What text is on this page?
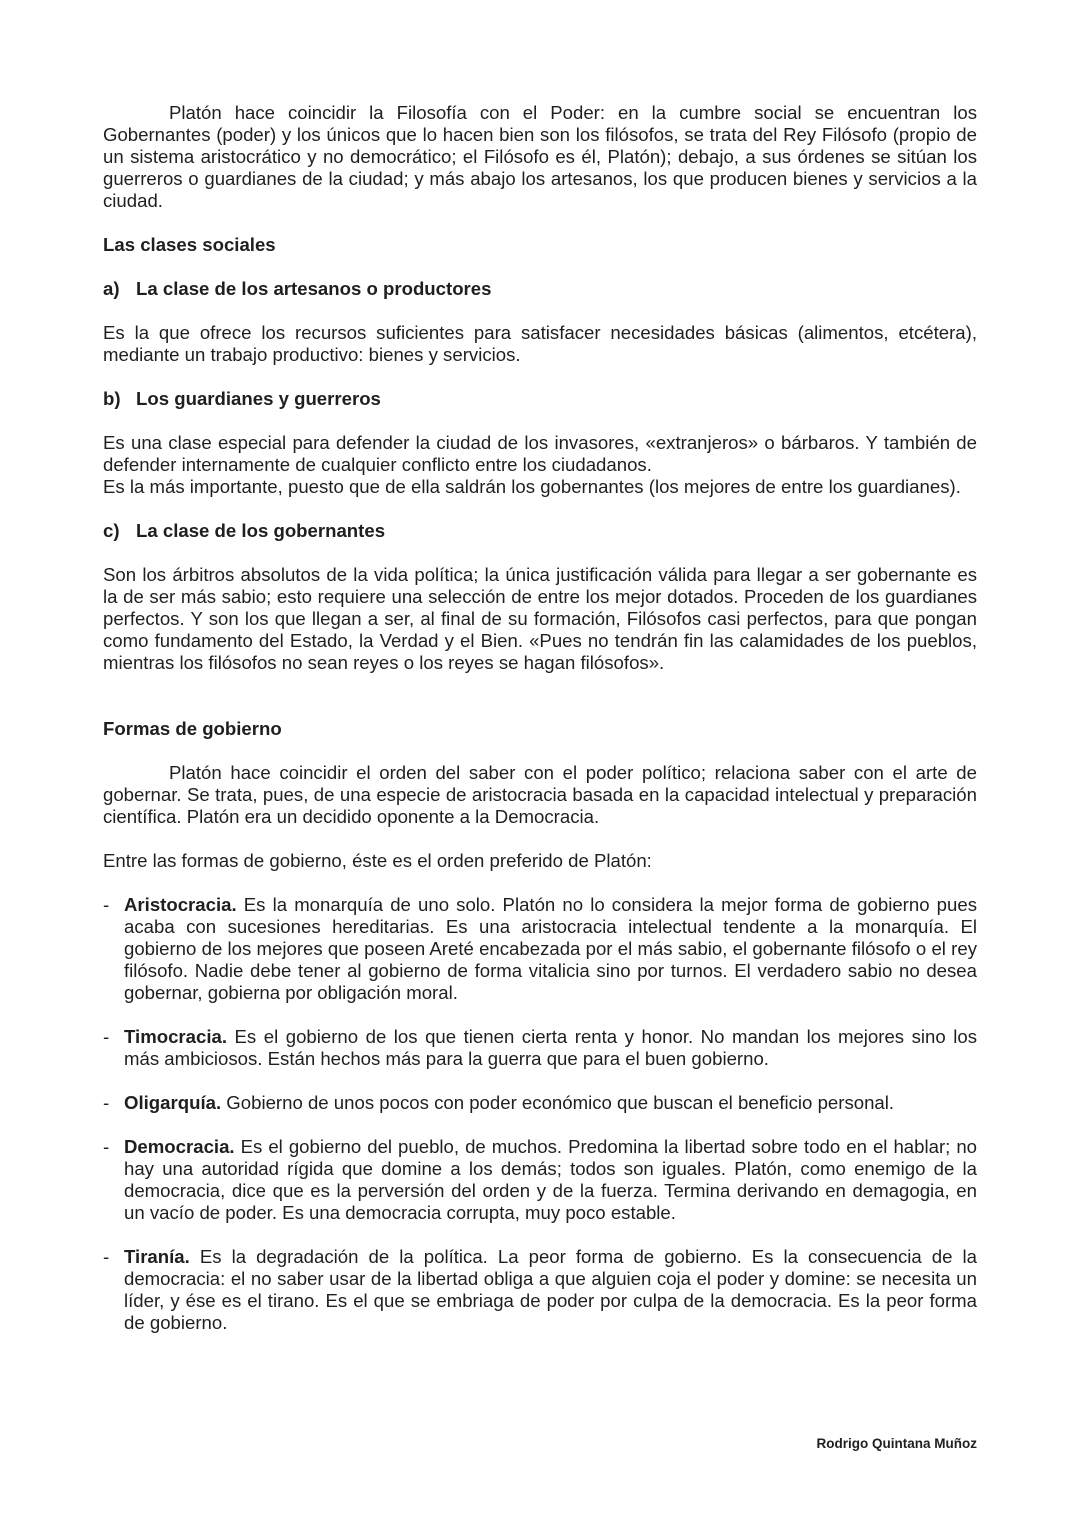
Platón hace coincidir la Filosofía con el Poder: en la cumbre social se encuentran los Gobernantes (poder) y los únicos que lo hacen bien son los filósofos, se trata del Rey Filósofo (propio de un sistema aristocrático y no democrático; el Filósofo es él, Platón); debajo, a sus órdenes se sitúan los guerreros o guardianes de la ciudad; y más abajo los artesanos, los que producen bienes y servicios a la ciudad.

Las clases sociales

a) La clase de los artesanos o productores

Es la que ofrece los recursos suficientes para satisfacer necesidades básicas (alimentos, etcétera), mediante un trabajo productivo: bienes y servicios.

b) Los guardianes y guerreros

Es una clase especial para defender la ciudad de los invasores, «extranjeros» o bárbaros. Y también de defender internamente de cualquier conflicto entre los ciudadanos.

Es la más importante, puesto que de ella saldrán los gobernantes (los mejores de entre los guardianes).

c) La clase de los gobernantes

Son los árbitros absolutos de la vida política; la única justificación válida para llegar a ser gobernante es la de ser más sabio; esto requiere una selección de entre los mejor dotados. Proceden de los guardianes perfectos. Y son los que llegan a ser, al final de su formación, Filósofos casi perfectos, para que pongan como fundamento del Estado, la Verdad y el Bien. «Pues no tendrán fin las calamidades de los pueblos, mientras los filósofos no sean reyes o los reyes se hagan filósofos».

Formas de gobierno

Platón hace coincidir el orden del saber con el poder político; relaciona saber con el arte de gobernar. Se trata, pues, de una especie de aristocracia basada en la capacidad intelectual y preparación científica. Platón era un decidido oponente a la Democracia.

Entre las formas de gobierno, éste es el orden preferido de Platón:

- Aristocracia. Es la monarquía de uno solo. Platón no lo considera la mejor forma de gobierno pues acaba con sucesiones hereditarias. Es una aristocracia intelectual tendente a la monarquía. El gobierno de los mejores que poseen Areté encabezada por el más sabio, el gobernante filósofo o el rey filósofo. Nadie debe tener al gobierno de forma vitalicia sino por turnos. El verdadero sabio no desea gobernar, gobierna por obligación moral.
- Timocracia. Es el gobierno de los que tienen cierta renta y honor. No mandan los mejores sino los más ambiciosos. Están hechos más para la guerra que para el buen gobierno.
- Oligarquía. Gobierno de unos pocos con poder económico que buscan el beneficio personal.
- Democracia. Es el gobierno del pueblo, de muchos. Predomina la libertad sobre todo en el hablar; no hay una autoridad rígida que domine a los demás; todos son iguales. Platón, como enemigo de la democracia, dice que es la perversión del orden y de la fuerza. Termina derivando en demagogia, en un vacío de poder. Es una democracia corrupta, muy poco estable.
- Tiranía. Es la degradación de la política. La peor forma de gobierno. Es la consecuencia de la democracia: el no saber usar de la libertad obliga a que alguien coja el poder y domine: se necesita un líder, y ése es el tirano. Es el que se embriaga de poder por culpa de la democracia. Es la peor forma de gobierno.
Rodrigo Quintana Muñoz
